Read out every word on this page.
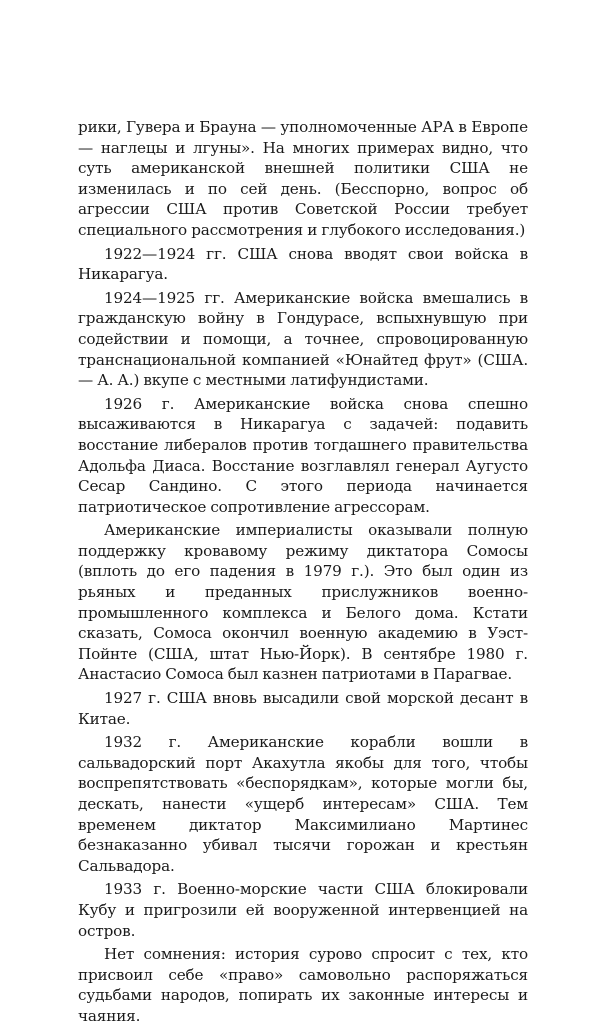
рики, Гувера и Брауна — уполномоченные АРА в Европе — наглецы и лгуны». На многих примерах видно, что суть американской внешней политики США не изменилась и по сей день. (Бесспорно, вопрос об агрессии США против Советской России требует специального рассмотрения и глубокого исследования.)

1922—1924 гг. США снова вводят свои войска в Никарагуа.

1924—1925 гг. Американские войска вмешались в гражданскую войну в Гондурасе, вспыхнувшую при содействии и помощи, а точнее, спровоцированную транснациональной компанией «Юнайтед фрут» (США.— А. А.) вкупе с местными латифундистами.

1926 г. Американские войска снова спешно высаживаются в Никарагуа с задачей: подавить восстание либералов против тогдашнего правительства Адольфа Диаса. Восстание возглавлял генерал Аугусто Сесар Сандино. С этого периода начинается патриотическое сопротивление агрессорам.

Американские империалисты оказывали полную поддержку кровавому режиму диктатора Сомосы (вплоть до его падения в 1979 г.). Это был один из рьяных и преданных прислужников военно-промышленного комплекса и Белого дома. Кстати сказать, Сомоса окончил военную академию в Уэст-Пойнте (США, штат Нью-Йорк). В сентябре 1980 г. Анастасио Сомоса был казнен патриотами в Парагвае.

1927 г. США вновь высадили свой морской десант в Китае.

1932 г. Американские корабли вошли в сальвадорский порт Акахутла якобы для того, чтобы воспрепятствовать «беспорядкам», которые могли бы, дескать, нанести «ущерб интересам» США. Тем временем диктатор Максимилиано Мартинес безнаказанно убивал тысячи горожан и крестьян Сальвадора.

1933 г. Военно-морские части США блокировали Кубу и пригрозили ей вооруженной интервенцией на остров.

Нет сомнения: история сурово спросит с тех, кто присвоил себе «право» самовольно распоряжаться судьбами народов, попирать их законные интересы и чаяния.
